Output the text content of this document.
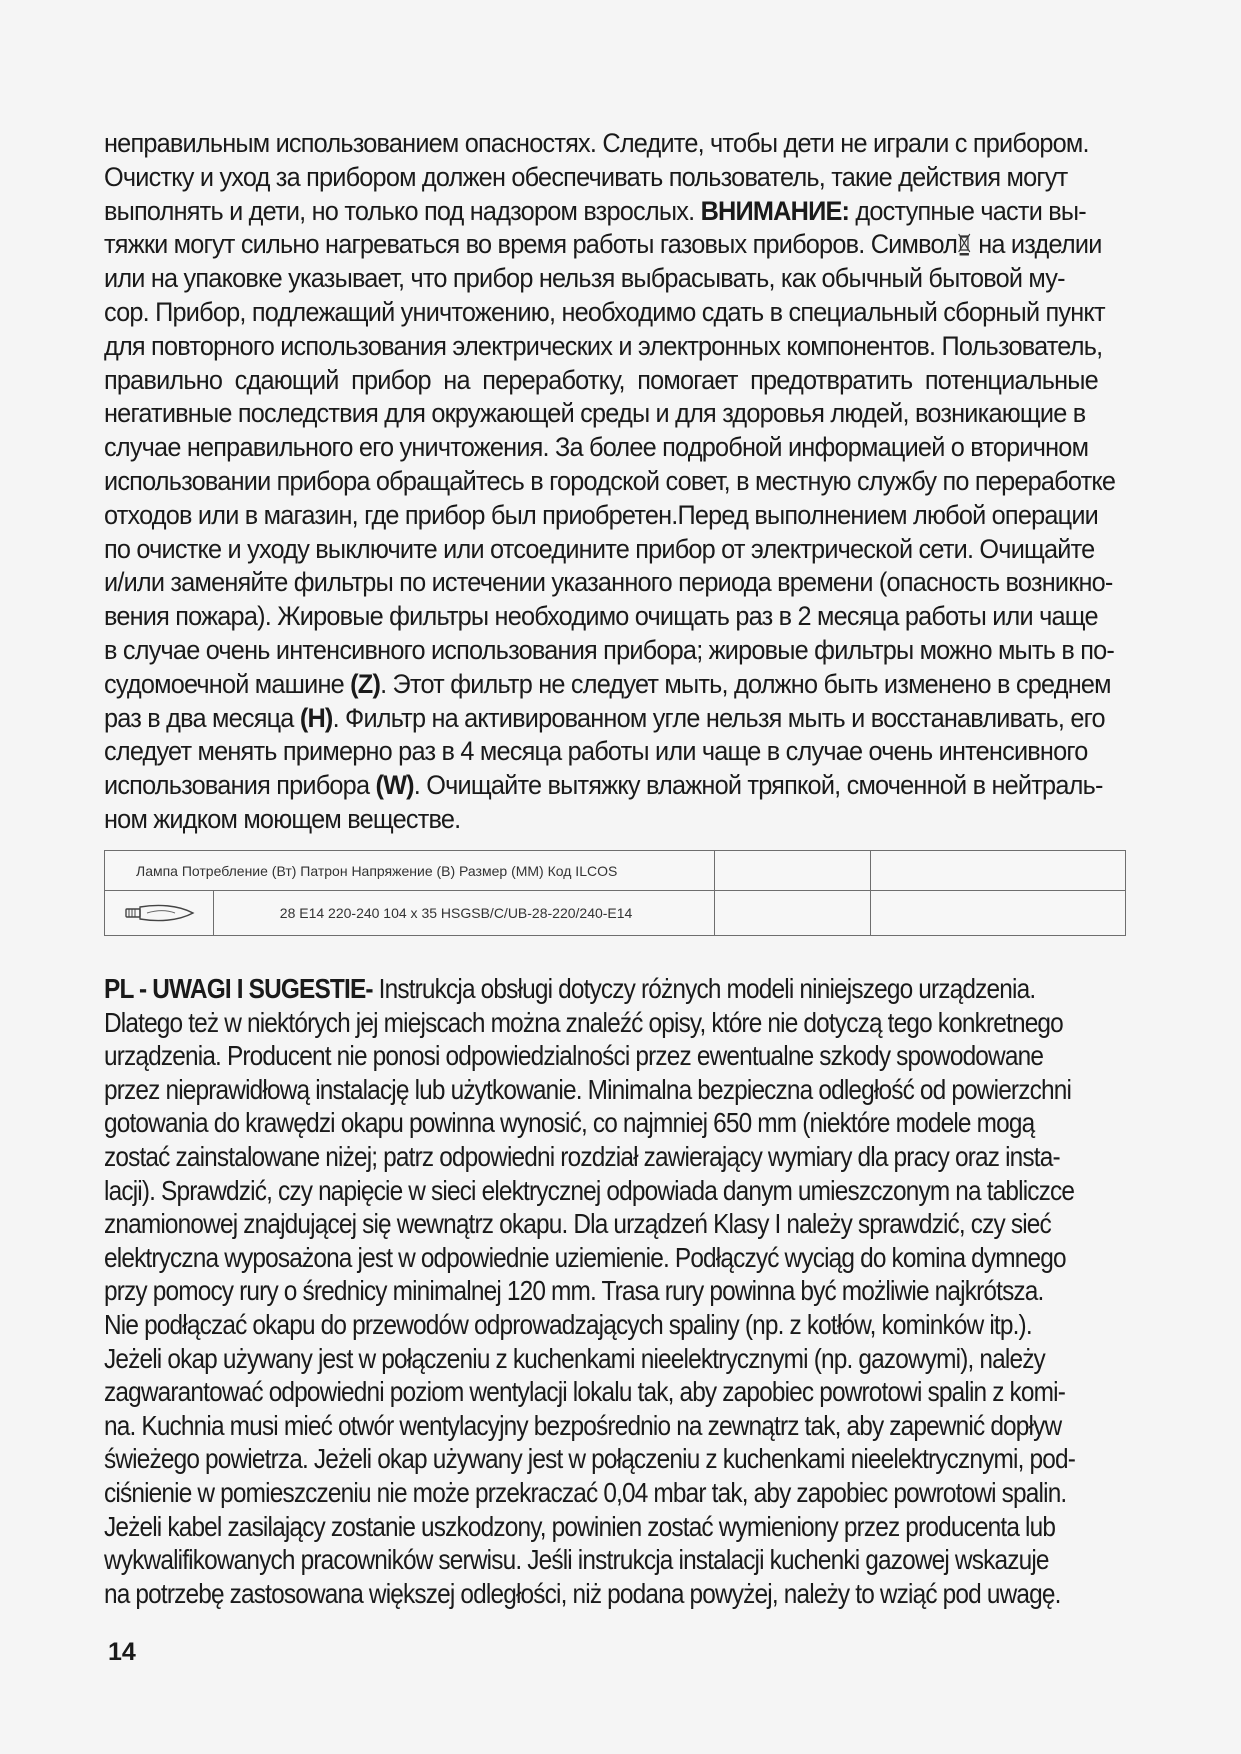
неправильным использованием опасностях. Следите, чтобы дети не играли с прибором.

Очистку и уход за прибором должен обеспечивать пользователь, такие действия могут

выполнять и дети, но только под надзором взрослых. ВНИМАНИЕ: доступные части вы-

тяжки могут сильно нагреваться во время работы газовых приборов. Символ на изделии

или на упаковке указывает, что прибор нельзя выбрасывать, как обычный бытовой му-

сор. Прибор, подлежащий уничтожению, необходимо сдать в специальный сборный пункт

для повторного использования электрических и электронных компонентов. Пользователь,

правильно  сдающий  прибор  на  переработку,  помогает  предотвратить  потенциальные

негативные последствия для окружающей среды и для здоровья людей, возникающие в

случае неправильного его уничтожения. За более подробной информацией о вторичном

использовании прибора обращайтесь в городской совет, в местную службу по переработке

отходов или в магазин, где прибор был приобретен.Перед выполнением любой операции

по очистке и уходу выключите или отсоедините прибор от электрической сети. Очищайте

и/или заменяйте фильтры по истечении указанного периода времени (опасность возникно-

вения пожара). Жировые фильтры необходимо очищать раз в 2 месяца работы или чаще

в случае очень интенсивного использования прибора; жировые фильтры можно мыть в по-

судомоечной машине (Z). Этот фильтр не следует мыть, должно быть изменено в среднем

раз в два месяца (H). Фильтр на активированном угле нельзя мыть и восстанавливать, его

следует менять примерно раз в 4 месяца работы или чаще в случае очень интенсивного

использования прибора (W). Очищайте вытяжку влажной тряпкой, смоченной в нейтраль-

ном жидком моющем веществе.

Лампа Потребление (Вт) Патрон Напряжение (В) Размер (ММ) Код ILCOS			

	28 E14 220-240 104 x 35 HSGSB/C/UB-28-220/240-E14		

PL - UWAGI I SUGESTIE- Instrukcja obsługi dotyczy różnych modeli niniejszego urządzenia.

Dlatego też w niektórych jej miejscach można znaleźć opisy, które nie dotyczą tego konkretnego

urządzenia. Producent nie ponosi odpowiedzialności przez ewentualne szkody spowodowane

przez nieprawidłową instalację lub użytkowanie. Minimalna bezpieczna odległość od powierzchni

gotowania do krawędzi okapu powinna wynosić, co najmniej 650 mm (niektóre modele mogą

zostać zainstalowane niżej; patrz odpowiedni rozdział zawierający wymiary dla pracy oraz insta-

lacji). Sprawdzić, czy napięcie w sieci elektrycznej odpowiada danym umieszczonym na tabliczce

znamionowej znajdującej się wewnątrz okapu. Dla urządzeń Klasy I należy sprawdzić, czy sieć

elektryczna wyposażona jest w odpowiednie uziemienie. Podłączyć wyciąg do komina dymnego

przy pomocy rury o średnicy minimalnej 120 mm. Trasa rury powinna być możliwie najkrótsza.

Nie podłączać okapu do przewodów odprowadzających spaliny (np. z kotłów, kominków itp.).

Jeżeli okap używany jest w połączeniu z kuchenkami nieelektrycznymi (np. gazowymi), należy

zagwarantować odpowiedni poziom wentylacji lokalu tak, aby zapobiec powrotowi spalin z komi-

na. Kuchnia musi mieć otwór wentylacyjny bezpośrednio na zewnątrz tak, aby zapewnić dopływ

świeżego powietrza. Jeżeli okap używany jest w połączeniu z kuchenkami nieelektrycznymi, pod-

ciśnienie w pomieszczeniu nie może przekraczać 0,04 mbar tak, aby zapobiec powrotowi spalin.

Jeżeli kabel zasilający zostanie uszkodzony, powinien zostać wymieniony przez producenta lub

wykwalifikowanych pracowników serwisu. Jeśli instrukcja instalacji kuchenki gazowej wskazuje

na potrzebę zastosowana większej odległości, niż podana powyżej, należy to wziąć pod uwagę.

14
